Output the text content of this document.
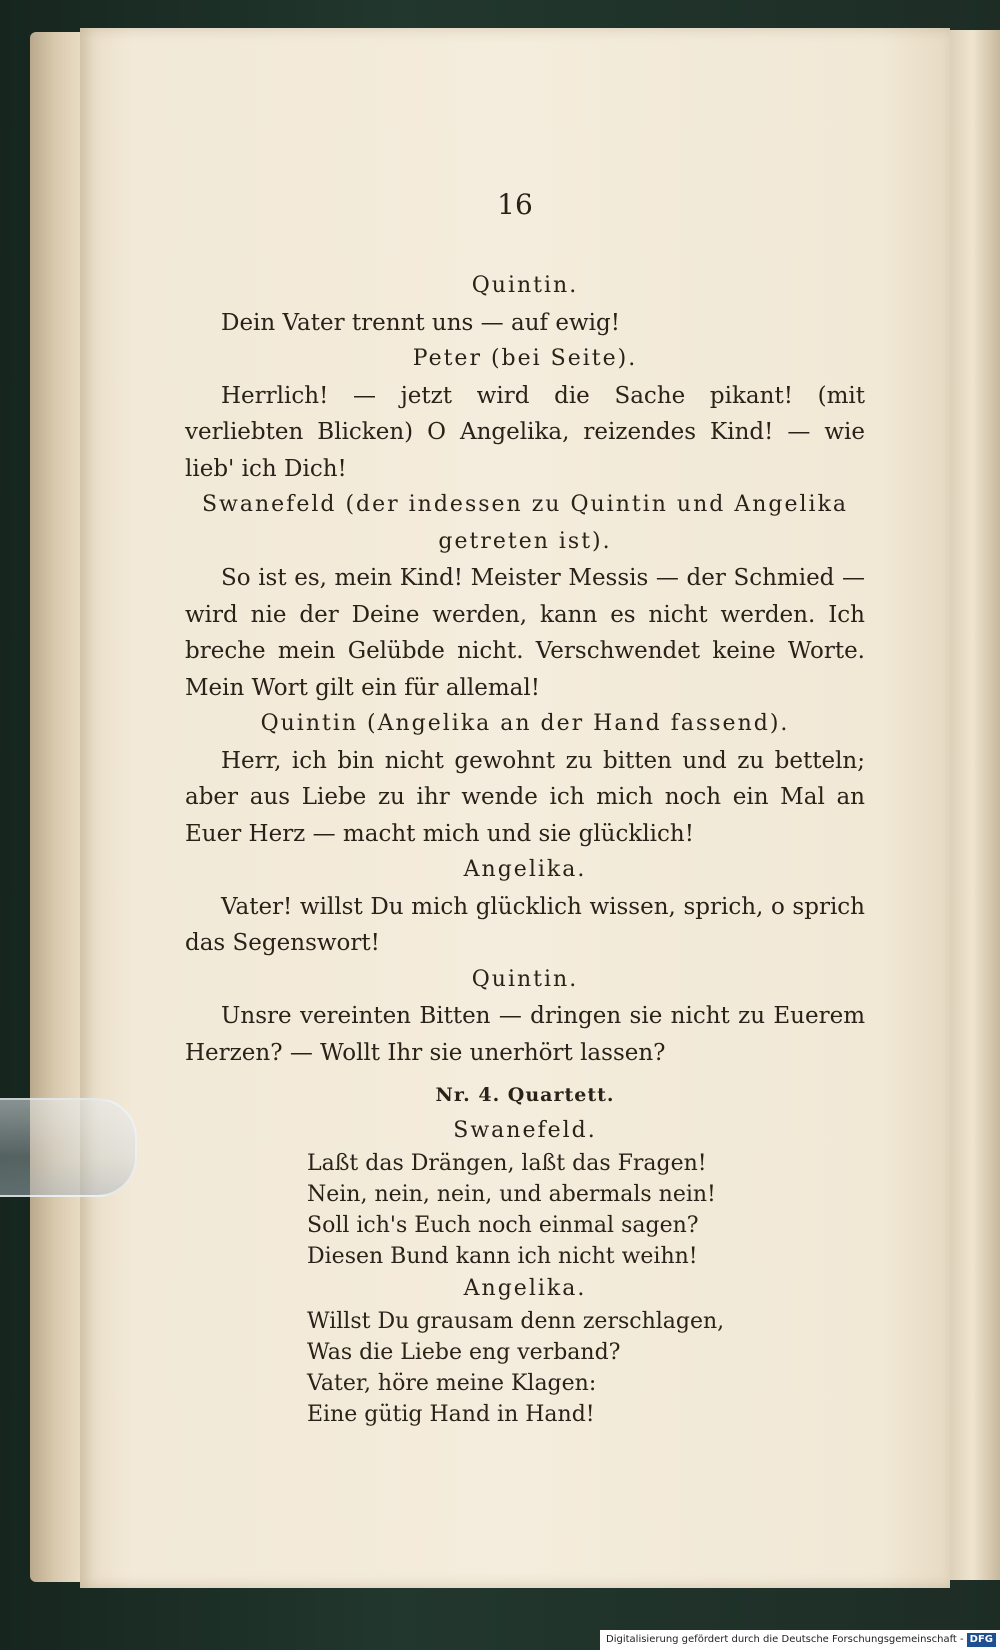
16
Quintin.

Dein Vater trennt uns — auf ewig!

Peter (bei Seite).

Herrlich! — jetzt wird die Sache pikant! (mit verliebten Blicken) O Angelika, reizendes Kind! — wie lieb' ich Dich!

Swanefeld (der indessen zu Quintin und Angelika getreten ist).

So ist es, mein Kind! Meister Messis — der Schmied — wird nie der Deine werden, kann es nicht werden. Ich breche mein Gelübde nicht. Verschwendet keine Worte. Mein Wort gilt ein für allemal!

Quintin (Angelika an der Hand fassend).

Herr, ich bin nicht gewohnt zu bitten und zu betteln; aber aus Liebe zu ihr wende ich mich noch ein Mal an Euer Herz — macht mich und sie glücklich!

Angelika.

Vater! willst Du mich glücklich wissen, sprich, o sprich das Segenswort!

Quintin.

Unsre vereinten Bitten — dringen sie nicht zu Euerem Herzen? — Wollt Ihr sie unerhört lassen?

Nr. 4. Quartett.
Swanefeld.
Laßt das Drängen, laßt das Fragen!
Nein, nein, nein, und abermals nein!
Soll ich's Euch noch einmal sagen?
Diesen Bund kann ich nicht weihn!
Angelika.
Willst Du grausam denn zerschlagen,
Was die Liebe eng verband?
Vater, höre meine Klagen:
Eine gütig Hand in Hand!
Digitalisierung gefördert durch die Deutsche Forschungsgemeinschaft - DFG
